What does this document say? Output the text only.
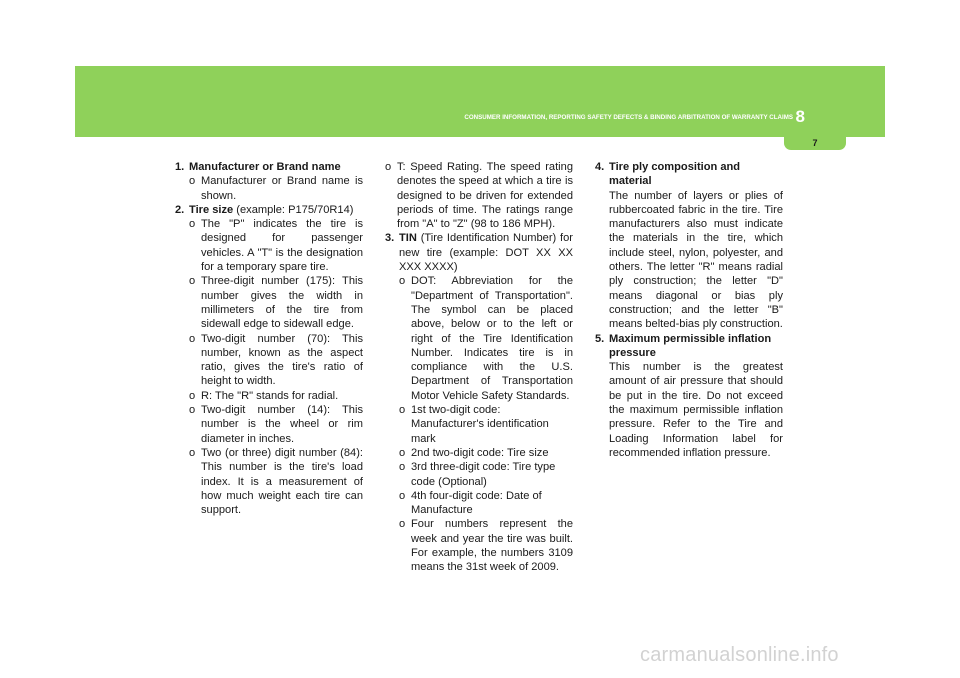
CONSUMER INFORMATION, REPORTING SAFETY DEFECTS & BINDING ARBITRATION OF WARRANTY CLAIMS 8
7
1. Manufacturer or Brand name
o Manufacturer or Brand name is shown.
2. Tire size (example: P175/70R14)
o The "P" indicates the tire is designed for passenger vehicles. A "T" is the designation for a temporary spare tire.
o Three-digit number (175): This number gives the width in millimeters of the tire from sidewall edge to sidewall edge.
o Two-digit number (70): This number, known as the aspect ratio, gives the tire's ratio of height to width.
o R: The "R" stands for radial.
o Two-digit number (14): This number is the wheel or rim diameter in inches.
o Two (or three) digit number (84): This number is the tire's load index. It is a measurement of how much weight each tire can support.
o T: Speed Rating. The speed rating denotes the speed at which a tire is designed to be driven for extended periods of time. The ratings range from "A" to "Z" (98 to 186 MPH).
3. TIN (Tire Identification Number) for new tire (example: DOT XX XX XXX XXXX)
o DOT: Abbreviation for the "Department of Transportation". The symbol can be placed above, below or to the left or right of the Tire Identification Number. Indicates tire is in compliance with the U.S. Department of Transportation Motor Vehicle Safety Standards.
o 1st two-digit code: Manufacturer's identification mark
o 2nd two-digit code: Tire size
o 3rd three-digit code: Tire type code (Optional)
o 4th four-digit code: Date of Manufacture
o Four numbers represent the week and year the tire was built. For example, the numbers 3109 means the 31st week of 2009.
4. Tire ply composition and material
The number of layers or plies of rubbercoated fabric in the tire. Tire manufacturers also must indicate the materials in the tire, which include steel, nylon, polyester, and others. The letter "R" means radial ply construction; the letter "D" means diagonal or bias ply construction; and the letter "B" means belted-bias ply construction.
5. Maximum permissible inflation pressure
This number is the greatest amount of air pressure that should be put in the tire. Do not exceed the maximum permissible inflation pressure. Refer to the Tire and Loading Information label for recommended inflation pressure.
carmanualsonline.info
